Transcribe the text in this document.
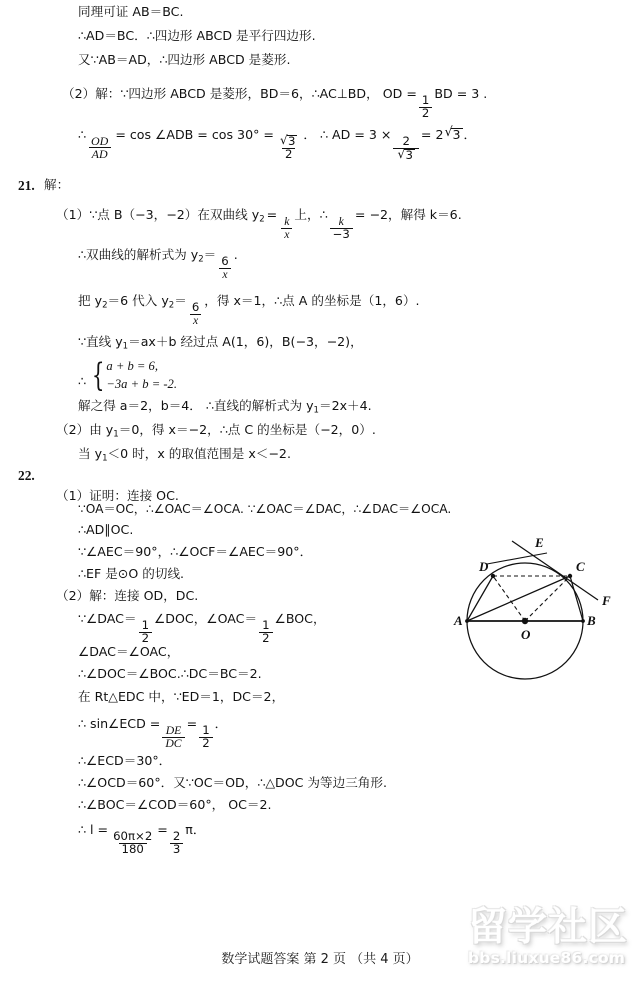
同理可证 AB＝BC.
∴AD＝BC．∴四边形 ABCD 是平行四边形.
又∵AB＝AD，∴四边形 ABCD 是菱形.
（2）解：∵四边形 ABCD 是菱形，BD＝6，∴AC⊥BD， OD =
$\frac{1}{2}$
BD = 3 .
∴
$\frac{OD}{AD}$
= cos ∠ADB = cos 30° =
√ $\frac{3}{2}$
． ∴ AD = 3 ×
2
√ 3
= 2 √ 3 ．
21. 解：
（1）∵点 B（−3，−2）在双曲线 $y_2$ =
$\frac{k}{x}$
上，∴
$\frac{k}{-3}$
= −2，解得 k＝6.
∴双曲线的解析式为 $y_2=$
$\frac{6}{x}$
.
把 $y_2=6$ 代入 $y_2=$
$\frac{6}{x}$
，得 x＝1，∴点 A 的坐标是（1，6）.
∵直线 $y_1=ax+b$ 经过点 A(1，6)，B(−3，−2)，
∴ { a + b = 6,
−3a + b = -2.
解之得 a＝2，b＝4． ∴直线的解析式为 $y_1=2x+4$.
（2）由 $y_1=0$，得 x＝−2，∴点 C 的坐标是（−2，0）.
当 $y_1<0$ 时，x 的取值范围是 x＜−2.
22.
（1）证明：连接 OC.
∵OA＝OC，∴∠OAC＝∠OCA. ∵∠OAC＝∠DAC，∴∠DAC＝∠OCA.
∴AD∥OC.
∵∠AEC＝90°，∴∠OCF＝∠AEC＝90°．
∴EF 是⊙O 的切线.
（2）解：连接 OD，DC.
∵∠DAC＝
$\frac{1}{2}$
∠DOC，∠OAC＝
$\frac{1}{2}$
∠BOC，
∠DAC＝∠OAC，
∴∠DOC＝∠BOC.∴DC＝BC＝2.
在 Rt△EDC 中，∵ED＝1，DC＝2，
∴ sin∠ECD =
$\frac{DE}{DC}$
=
$\frac{1}{2}$
．
∴∠ECD＝30°．
∴∠OCD＝60°．又∵OC＝OD，∴△DOC 为等边三角形.
∴∠BOC＝∠COD＝60°， OC＝2.
∴ l =
$\frac{60\pi\times 2}{180}$
=
$\frac{2}{3}$
π．
A	B
C
D
E
F
O
留学社区
bbs.liuxue86.com
数学试题答案 第 2 页 （共 4 页）
